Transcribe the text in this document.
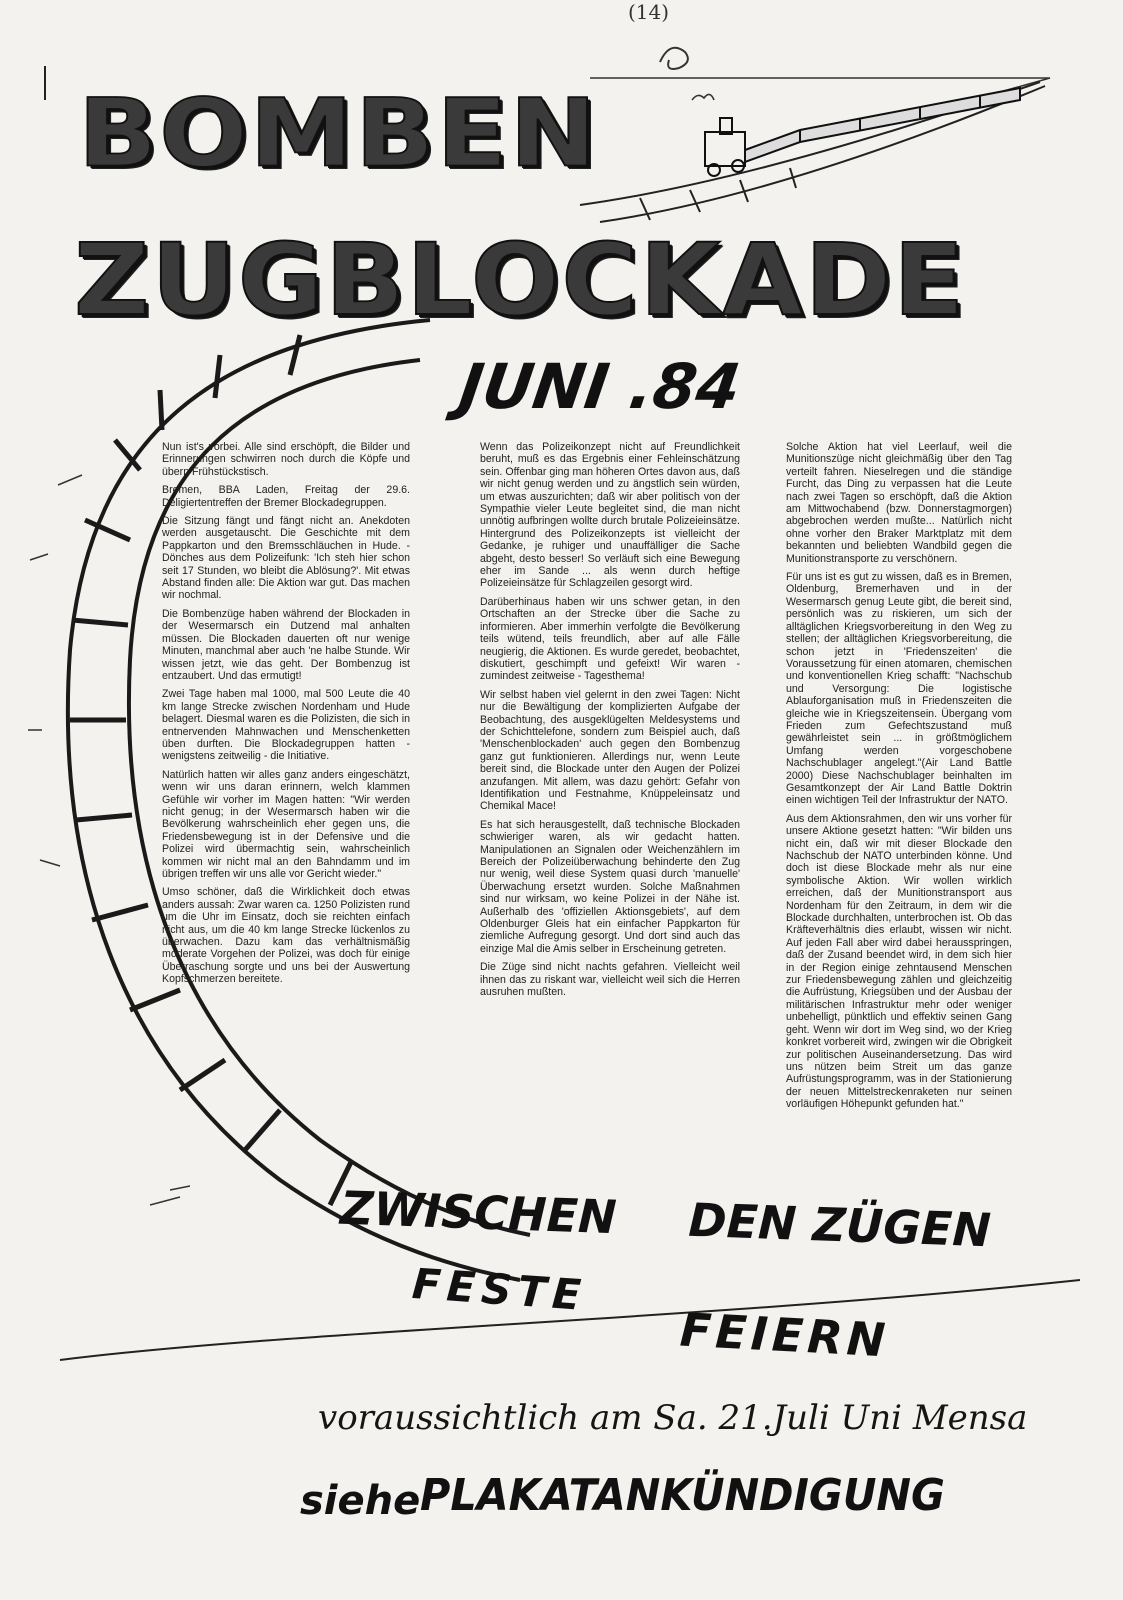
BOMBEN
ZUGBLOCKADE
JUNI .84
(14)

Nun ist's vorbei. Alle sind erschöpft, die Bilder und Erinnerungen schwirren noch durch die Köpfe und übern Frühstückstisch.

Bremen, BBA Laden, Freitag der 29.6. Deligiertentreffen der Bremer Blockadegruppen.

Die Sitzung fängt und fängt nicht an. Anekdoten werden ausgetauscht. Die Geschichte mit dem Pappkarton und den Bremsschläuchen in Hude. - Dönches aus dem Polizeifunk: 'Ich steh hier schon seit 17 Stunden, wo bleibt die Ablösung?'. Mit etwas Abstand finden alle: Die Aktion war gut. Das machen wir nochmal.

Die Bombenzüge haben während der Blockaden in der Wesermarsch ein Dutzend mal anhalten müssen. Die Blockaden dauerten oft nur wenige Minuten, manchmal aber auch 'ne halbe Stunde. Wir wissen jetzt, wie das geht. Der Bombenzug ist entzaubert. Und das ermutigt!

Zwei Tage haben mal 1000, mal 500 Leute die 40 km lange Strecke zwischen Nordenham und Hude belagert. Diesmal waren es die Polizisten, die sich in entnervenden Mahnwachen und Menschenketten üben durften. Die Blockadegruppen hatten - wenigstens zeitweilig - die Initiative.

Natürlich hatten wir alles ganz anders eingeschätzt, wenn wir uns daran erinnern, welch klammen Gefühle wir vorher im Magen hatten: "Wir werden nicht genug; in der Wesermarsch haben wir die Bevölkerung wahrscheinlich eher gegen uns, die Friedensbewegung ist in der Defensive und die Polizei wird übermachtig sein, wahrscheinlich kommen wir nicht mal an den Bahndamm und im übrigen treffen wir uns alle vor Gericht wieder."

Umso schöner, daß die Wirklichkeit doch etwas anders aussah: Zwar waren ca. 1250 Polizisten rund um die Uhr im Einsatz, doch sie reichten einfach nicht aus, um die 40 km lange Strecke lückenlos zu überwachen. Dazu kam das verhältnismäßig moderate Vorgehen der Polizei, was doch für einige Überraschung sorgte und uns bei der Auswertung Kopfschmerzen bereitete.

Wenn das Polizeikonzept nicht auf Freundlichkeit beruht, muß es das Ergebnis einer Fehleinschätzung sein. Offenbar ging man höheren Ortes davon aus, daß wir nicht genug werden und zu ängstlich sein würden, um etwas auszurichten; daß wir aber politisch von der Sympathie vieler Leute begleitet sind, die man nicht unnötig aufbringen wollte durch brutale Polizeieinsätze. Hintergrund des Polizeikonzepts ist vielleicht der Gedanke, je ruhiger und unauffälliger die Sache abgeht, desto besser! So verläuft sich eine Bewegung eher im Sande ... als wenn durch heftige Polizeieinsätze für Schlagzeilen gesorgt wird.

Darüberhinaus haben wir uns schwer getan, in den Ortschaften an der Strecke über die Sache zu informieren. Aber immerhin verfolgte die Bevölkerung teils wütend, teils freundlich, aber auf alle Fälle neugierig, die Aktionen. Es wurde geredet, beobachtet, diskutiert, geschimpft und gefeixt! Wir waren - zumindest zeitweise - Tagesthema!

Wir selbst haben viel gelernt in den zwei Tagen: Nicht nur die Bewältigung der komplizierten Aufgabe der Beobachtung, des ausgeklügelten Meldesystems und der Schichttelefone, sondern zum Beispiel auch, daß 'Menschenblockaden' auch gegen den Bombenzug ganz gut funktionieren. Allerdings nur, wenn Leute bereit sind, die Blockade unter den Augen der Polizei anzufangen. Mit allem, was dazu gehört: Gefahr von Identifikation und Festnahme, Knüppeleinsatz und Chemikal Mace!

Es hat sich herausgestellt, daß technische Blockaden schwieriger waren, als wir gedacht hatten. Manipulationen an Signalen oder Weichenzählern im Bereich der Polizeiüberwachung behinderte den Zug nur wenig, weil diese System quasi durch 'manuelle' Überwachung ersetzt wurden. Solche Maßnahmen sind nur wirksam, wo keine Polizei in der Nähe ist. Außerhalb des 'offiziellen Aktionsgebiets', auf dem Oldenburger Gleis hat ein einfacher Pappkarton für ziemliche Aufregung gesorgt. Und dort sind auch das einzige Mal die Amis selber in Erscheinung getreten.

Die Züge sind nicht nachts gefahren. Vielleicht weil ihnen das zu riskant war, vielleicht weil sich die Herren ausruhen mußten.

Solche Aktion hat viel Leerlauf, weil die Munitionszüge nicht gleichmäßig über den Tag verteilt fahren. Nieselregen und die ständige Furcht, das Ding zu verpassen hat die Leute nach zwei Tagen so erschöpft, daß die Aktion am Mittwochabend (bzw. Donnerstagmorgen) abgebrochen werden mußte... Natürlich nicht ohne vorher den Braker Marktplatz mit dem bekannten und beliebten Wandbild gegen die Munitionstransporte zu verschönern.

Für uns ist es gut zu wissen, daß es in Bremen, Oldenburg, Bremerhaven und in der Wesermarsch genug Leute gibt, die bereit sind, persönlich was zu riskieren, um sich der alltäglichen Kriegsvorbereitung in den Weg zu stellen; der alltäglichen Kriegsvorbereitung, die schon jetzt in 'Friedenszeiten' die Voraussetzung für einen atomaren, chemischen und konventionellen Krieg schafft: "Nachschub und Versorgung: Die logistische Ablauforganisation muß in Friedenszeiten die gleiche wie in Kriegszeitensein. Übergang vom Frieden zum Gefechtszustand muß gewährleistet sein ... in größtmöglichem Umfang werden vorgeschobene Nachschublager angelegt."(Air Land Battle 2000) Diese Nachschublager beinhalten im Gesamtkonzept der Air Land Battle Doktrin einen wichtigen Teil der Infrastruktur der NATO.

Aus dem Aktionsrahmen, den wir uns vorher für unsere Aktione gesetzt hatten: "Wir bilden uns nicht ein, daß wir mit dieser Blockade den Nachschub der NATO unterbinden könne. Und doch ist diese Blockade mehr als nur eine symbolische Aktion. Wir wollen wirklich erreichen, daß der Munitionstransport aus Nordenham für den Zeitraum, in dem wir die Blockade durchhalten, unterbrochen ist. Ob das Kräfteverhältnis dies erlaubt, wissen wir nicht. Auf jeden Fall aber wird dabei herausspringen, daß der Zusand beendet wird, in dem sich hier in der Region einige zehntausend Menschen zur Friedensbewegung zählen und gleichzeitig die Aufrüstung, Kriegsüben und der Ausbau der militärischen Infrastruktur mehr oder weniger unbehelligt, pünktlich und effektiv seinen Gang geht. Wenn wir dort im Weg sind, wo der Krieg konkret vorbereit wird, zwingen wir die Obrigkeit zur politischen Auseinandersetzung. Das wird uns nützen beim Streit um das ganze Aufrüstungsprogramm, was in der Stationierung der neuen Mittelstreckenraketen nur seinen vorläufigen Höhepunkt gefunden hat."

ZWISCHEN DEN ZÜGEN
FESTE
FEIERN
voraussichtlich am Sa. 21.Juli Uni Mensa
siehe PLAKATANKÜNDIGUNG
